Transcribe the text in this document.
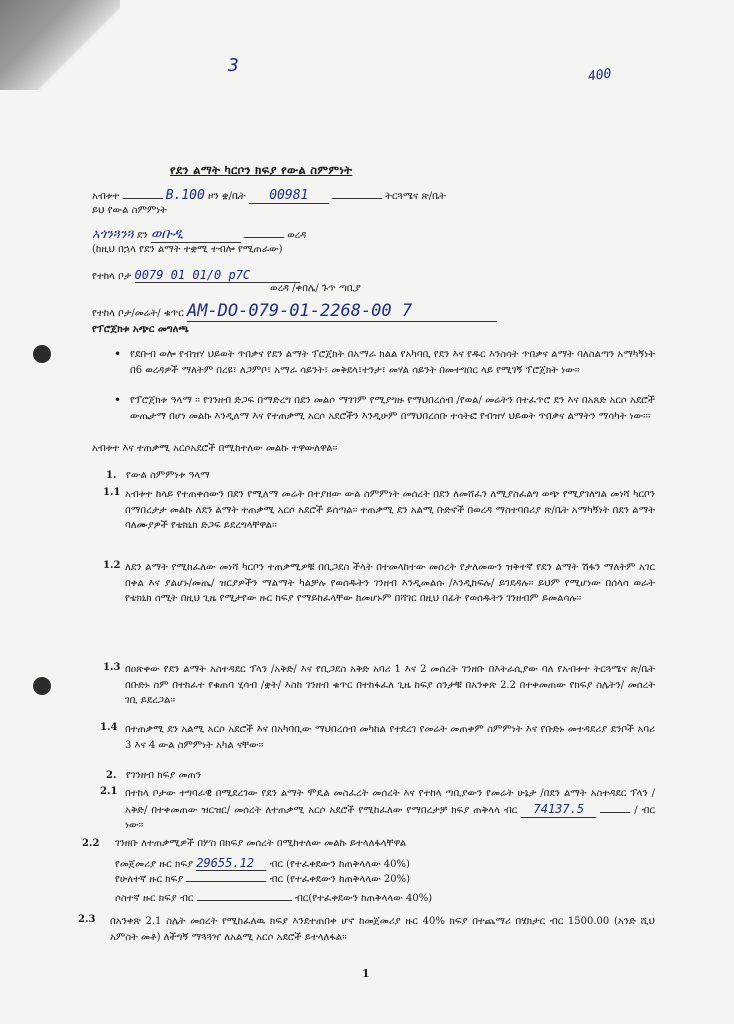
3	400
የደን ልማት ካርቦን ክፍያ የውል ስምምነት
አብቱተ	B.100 ዞን ቋ/ቤት 00981	ትርጓሜና ጽ/ቤት
ይህ የውል ስምምነት
አጎንጓንጓ ደን ወቡዲ	ወረዳ
(ከዚህ በኋላ የደን ልማት ተቋሚ ተብሎ የሚጠራው)
የተከላ ቦታ 0079 01 01/0 p7C
ወረዳ /ቀበሌ/ ጉጥ ጣቢያ
የተከላ ቦታ/መሬት/ ቁጥር AM-DO-079-01-2268-00 7
የፕሮጀክቱ አጭር መግለጫ
• የደቡብ ወሎ የብዝሃ ህይወት ጥበቃና የደን ልማት ፕሮጀክት በአማራ ክልል የአካባቢ የደን እና የዱር እንስሳት ጥበቃና ልማት ባለስልጣን አማካኝነት በ6 ወረዳዎች ማለትም በረዩ፣ ለጋምቦ፣ አማራ ሳይንት፣ መቅደላ፣ተንታ፣ መሃል ሳይንት በመተግበር ላይ የሚገኝ ፕሮጀክት ነው፡፡
• የፕሮጀክቱ ዓላማ ፡፡ የገንዘብ ድጋፍ በማድረግ በደን መልሶ ማገገም የሚያግዙ የማህበረሰብ /የወል/ መሬትን በተፈጥሮ ደን እና በአጸድ አርሶ አደሮች ውጤታማ በሆነ መልኩ እንዲለማ እና የተጠቃሚ አርሶ አደሮችን እንዲሁም በማህበረሰቡ ተሳትፎ የብዝሃ ህይወት ጥበቃና ልማትን ማሳካት ነው፡፡፡
አብቱተ እና ተጠቃሚ አርሶአደሮች በሚከተለው መልኩ ተዋውለዋል፡፡
1. የውል ስምምነቱ ዓላማ
1.1 አብቱተ ከላይ የተጠቀሰውን በደን የሚለማ መሬት በተያዘው ውል ስምምነት መሰረት በደን ለመሸፈን ለሚያስፈልግ ወጭ የሚያገለግል መነሻ ካርቦን በማበረታታ መልኩ ለደን ልማት ተጠቃሚ አርሶ አደሮች ይሰጣል፡፡ ተጠቃሚ ደን አልሚ ቡድኖች በወረዳ ማስተባበሪያ ጽ/ቤት አማካኝነት በደን ልማት ባለሙያዎች የቴክኒክ ድጋፍ ይደረግላቸዋል፡፡
1.2 ለደን ልማት የሚከፈለው መነሻ ካርቦን ተጠቃሚዎቹ በቢጋደስ ችላት በተመላከተው መሰረት የታለመውን ዝቅተኛ የደን ልማት ሽፋን ማለትም አገር በቀል እና ያልሆኑ/መጤ/ ዝርያዎችን ማልማት ካልቻሉ የወሰዱትን ገንዘብ እንዲመልሱ /እንዲከፍሉ/ ይገደዳሉ፡፡ ይህም የሚሆነው በሰላሳ ወራት የቴክኒክ ሰሚት በዚህ ጊዜ የሚታየው ዙር ከፍያ የማይከፈላቸው ከመሆኑም በሻገር በዚህ በፊት የወሰዱትን ገንዘብም ይመልሳሉ፡፡
1.3 በዐጽቀው የደን ልማት አስተዳደር ፕላን /አቅድ/ እና የቢጋደስ አቅድ አባሪ 1 እና 2 መሰረት ገንዘቡ በእትራሲያው ባለ የአብቱተ ትርጓሜና ጽ/ቤት በቡድኑ ስም በተከፈተ የቁጠባ ሂሳብ /ቋት/ እስከ ገንዘብ ቁጥር በተከፋፈለ ጊዜ ከፍያ ሰንታቹ በአንቀጽ 2.2 በተቀመጠው የክፍያ ስሌትን/ መሰረት ገቢ ይደረጋል፡፡
1.4 በተጠቃሚ ደን አልሚ አርሶ አደሮች እና በአካባቢው ማህበረሰብ መካከል የተደረገ የመሬት መጠቀም ስምምነት እና የቡድኑ መተዳደሪያ ደንቦች አባሪ 3 እና 4 ውል ስምምነት አካል ናቸው፡፡
2. የገንዘብ ክፍያ መጠን
2.1 በተከላ ቦታው ተግባራዊ በሚደረገው የደን ልማት ሞዴል መስፈረት መሰረት እና የተከላ ጣቢያውን የመሬት ሁኔታ /በደን ልማት አስተዳደር ፕላን /አቅድ/ በተቀመጠው ዝርዝር/ መሰረት ለተጠቃሚ አርሶ አደሮች የሚከፈለው የማበረታቻ ክፍያ ጠቅላላ ብር 74137.5	/ ብር ነው፡፡
2.2 ገንዘቡ ለተጠቃሚዎች በሦስ በክፍያ መሰረት በሚከተለው መልኩ ይተላለፋላቸዋል
የመጀመሪያ ዙር ክፍያ 29655.12 ብር (የተፈቀደውን ከጠቅላላው 40%)
የሁለተኛ ዙር ክፍያ	ብር (የተፈቀደውን ከጠቅላላው 20%)
ሶስተኛ ዙር ክፍያ ብር	ብር(የተፈቀደውን ከጠቅላላው 40%)
2.3 በአንቀጽ 2.1 ስሌት መሰረት የሚከፈለዉ ክፍያ እንደተጠበቀ ሆኖ ከመጀመሪያ ዙር 40% ክፍያ በተጨማሪ በሄክታር ብር 1500.00 (አንድ ሺህ አምስት መቶ) ለችግኝ ማጓጓዣ ለአልሚ አርሶ አደሮች ይተላለፋል፡፡
1
